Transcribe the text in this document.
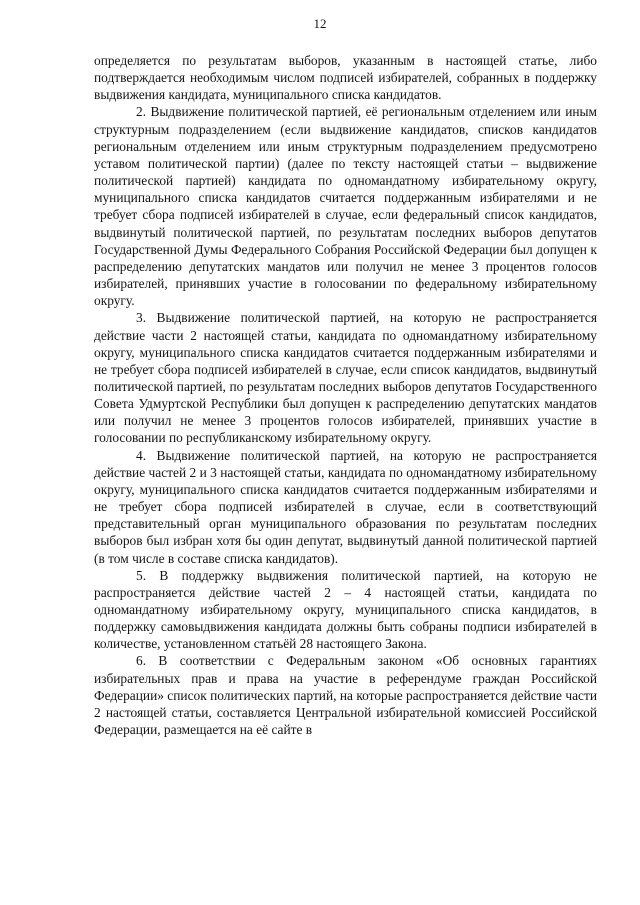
12

определяется по результатам выборов, указанным в настоящей статье, либо подтверждается необходимым числом подписей избирателей, собранных в поддержку выдвижения кандидата, муниципального списка кандидатов.

2. Выдвижение политической партией, её региональным отделением или иным структурным подразделением (если выдвижение кандидатов, списков кандидатов региональным отделением или иным структурным подразделением предусмотрено уставом политической партии) (далее по тексту настоящей статьи – выдвижение политической партией) кандидата по одномандатному избирательному округу, муниципального списка кандидатов считается поддержанным избирателями и не требует сбора подписей избирателей в случае, если федеральный список кандидатов, выдвинутый политической партией, по результатам последних выборов депутатов Государственной Думы Федерального Собрания Российской Федерации был допущен к распределению депутатских мандатов или получил не менее 3 процентов голосов избирателей, принявших участие в голосовании по федеральному избирательному округу.

3. Выдвижение политической партией, на которую не распространяется действие части 2 настоящей статьи, кандидата по одномандатному избирательному округу, муниципального списка кандидатов считается поддержанным избирателями и не требует сбора подписей избирателей в случае, если список кандидатов, выдвинутый политической партией, по результатам последних выборов депутатов Государственного Совета Удмуртской Республики был допущен к распределению депутатских мандатов или получил не менее 3 процентов голосов избирателей, принявших участие в голосовании по республиканскому избирательному округу.

4. Выдвижение политической партией, на которую не распространяется действие частей 2 и 3 настоящей статьи, кандидата по одномандатному избирательному округу, муниципального списка кандидатов считается поддержанным избирателями и не требует сбора подписей избирателей в случае, если в соответствующий представительный орган муниципального образования по результатам последних выборов был избран хотя бы один депутат, выдвинутый данной политической партией (в том числе в составе списка кандидатов).

5. В поддержку выдвижения политической партией, на которую не распространяется действие частей 2 – 4 настоящей статьи, кандидата по одномандатному избирательному округу, муниципального списка кандидатов, в поддержку самовыдвижения кандидата должны быть собраны подписи избирателей в количестве, установленном статьёй 28 настоящего Закона.

6. В соответствии с Федеральным законом «Об основных гарантиях избирательных прав и права на участие в референдуме граждан Российской Федерации» список политических партий, на которые распространяется действие части 2 настоящей статьи, составляется Центральной избирательной комиссией Российской Федерации, размещается на её сайте в
